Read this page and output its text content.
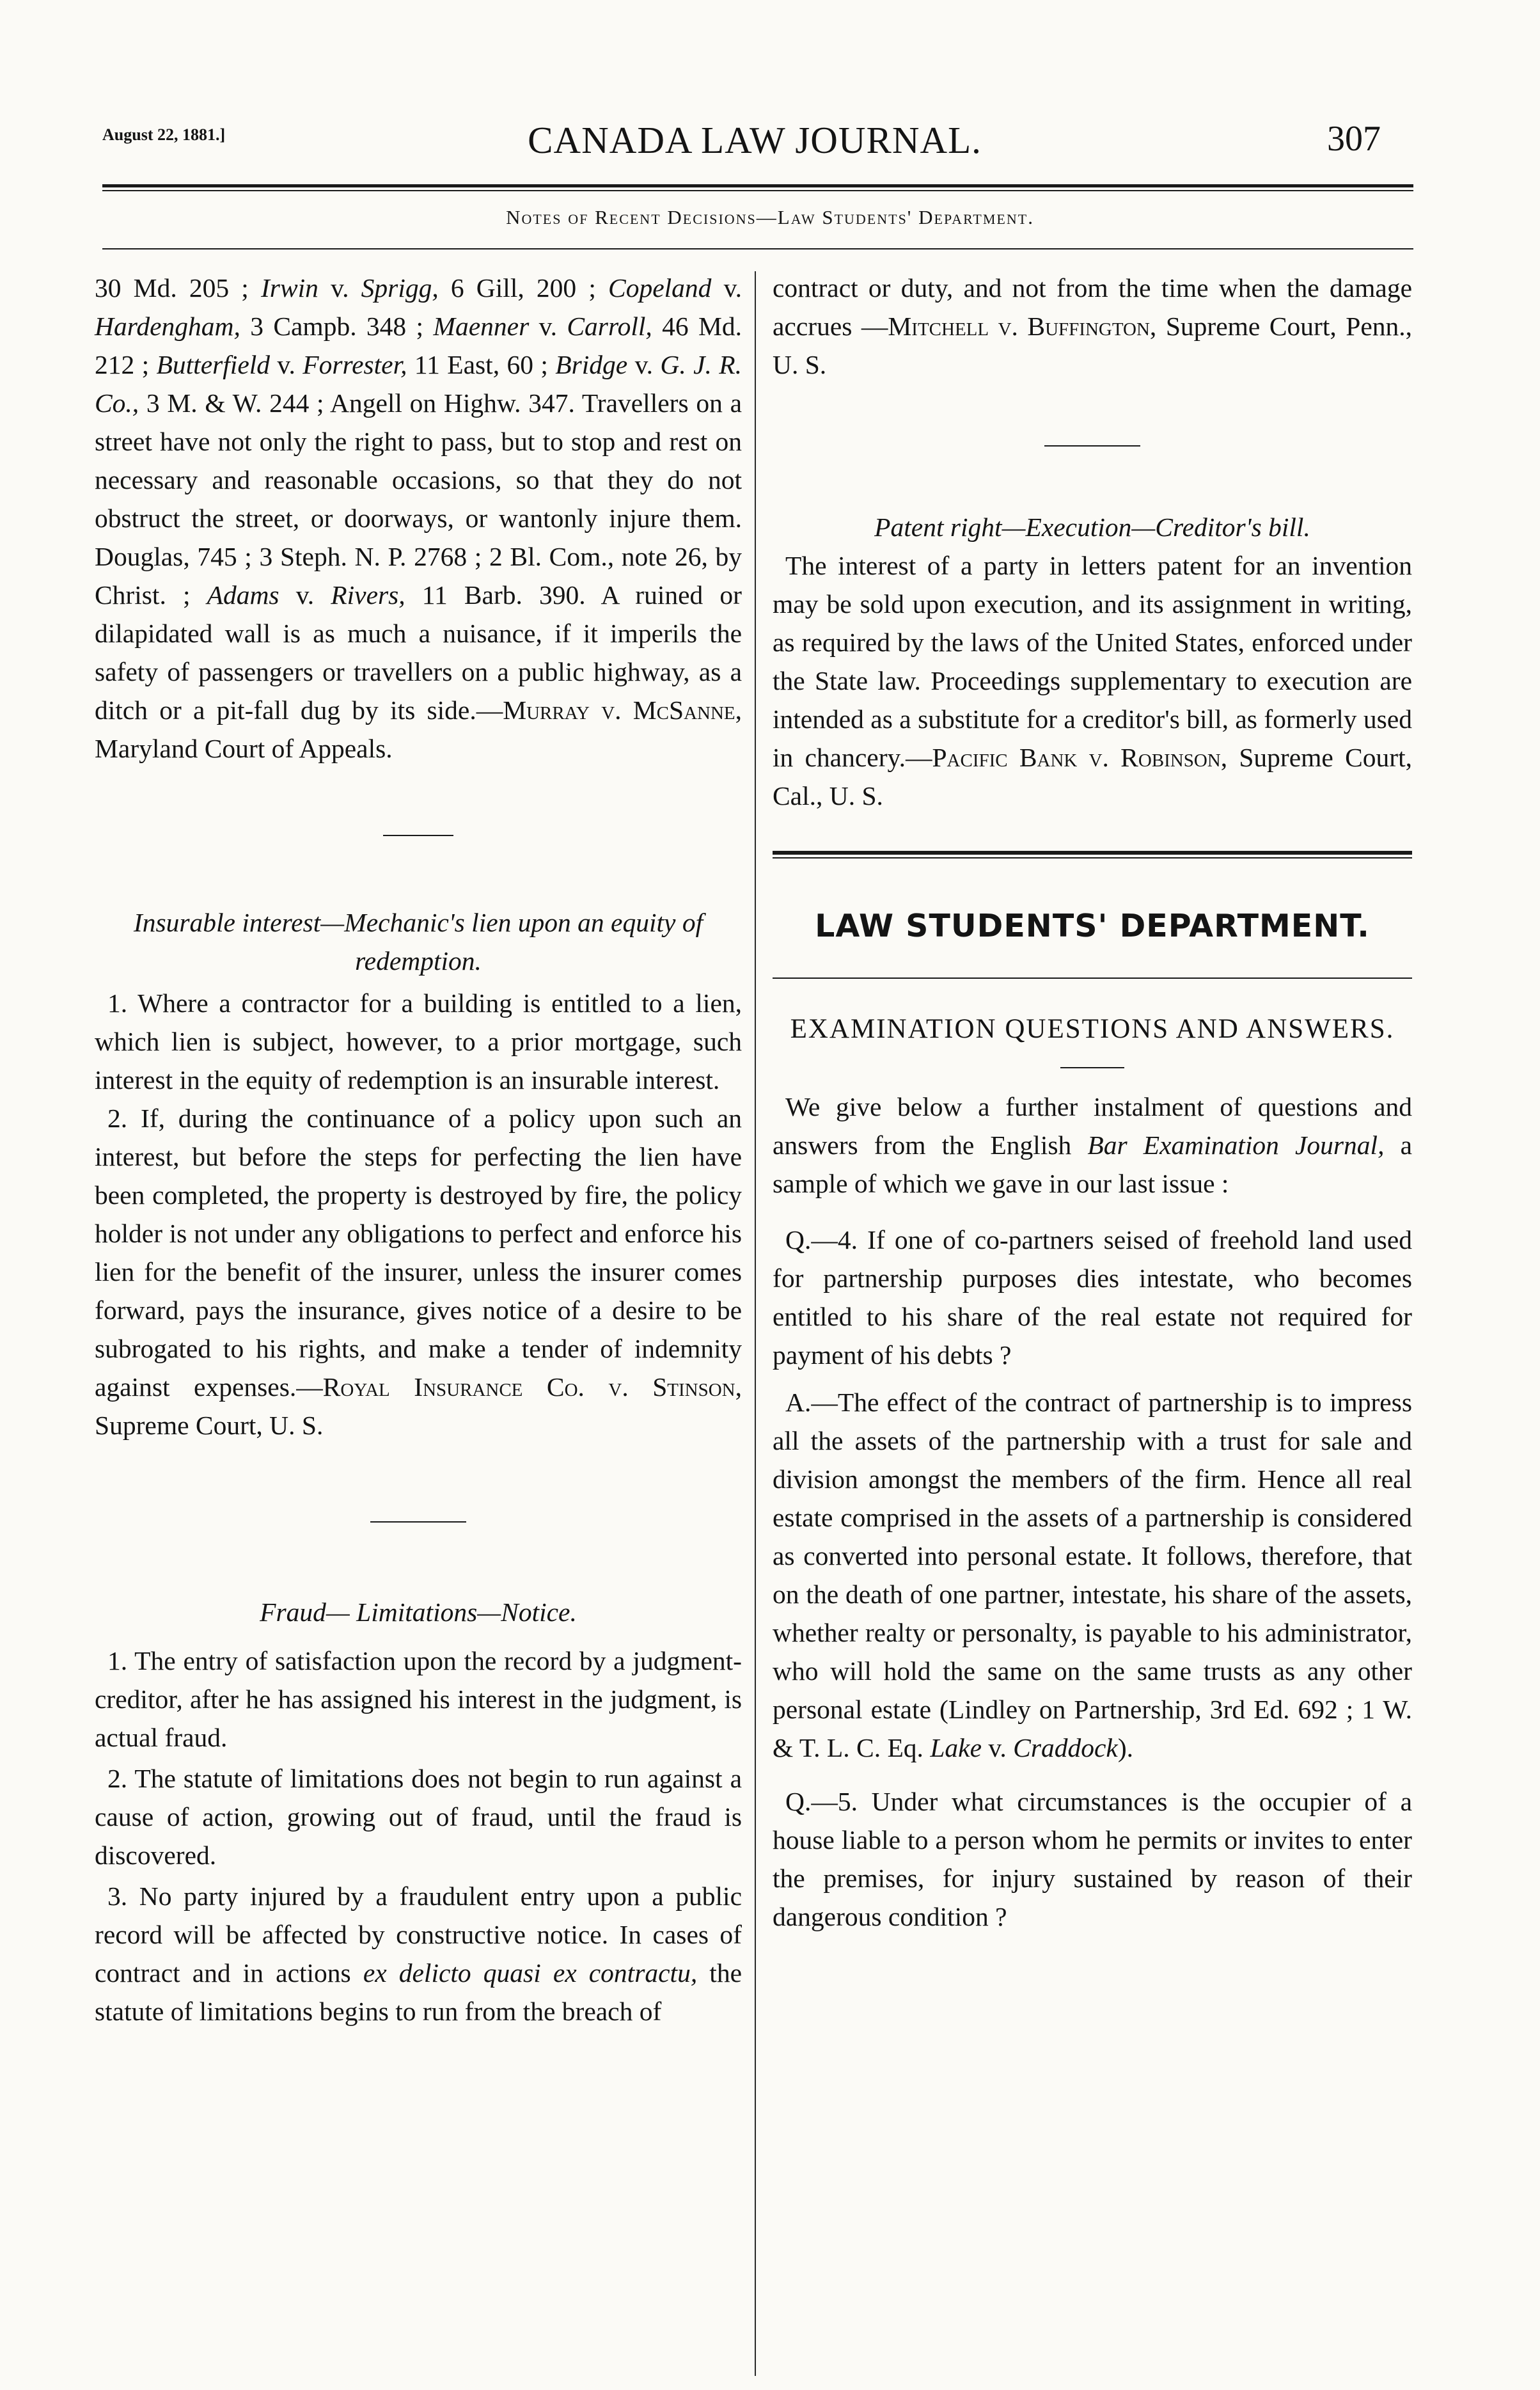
August 22, 1881.]	CANADA LAW JOURNAL.	307
Notes of Recent Decisions—Law Students' Department.

30 Md. 205 ; Irwin v. Sprigg, 6 Gill, 200 ; Copeland v. Hardengham, 3 Campb. 348 ; Maenner v. Carroll, 46 Md. 212 ; Butterfield v. Forrester, 11 East, 60 ; Bridge v. G. J. R. Co., 3 M. & W. 244 ; Angell on Highw. 347. Travellers on a street have not only the right to pass, but to stop and rest on necessary and reasonable occasions, so that they do not obstruct the street, or doorways, or wantonly injure them. Douglas, 745 ; 3 Steph. N. P. 2768 ; 2 Bl. Com., note 26, by Christ. ; Adams v. Rivers, 11 Barb. 390. A ruined or dilapidated wall is as much a nuisance, if it imperils the safety of passengers or travellers on a public highway, as a ditch or a pit-fall dug by its side.—Murray v. McSanne, Maryland Court of Appeals.

Insurable interest—Mechanic's lien upon an equity of redemption.

1. Where a contractor for a building is entitled to a lien, which lien is subject, however, to a prior mortgage, such interest in the equity of redemption is an insurable interest.

2. If, during the continuance of a policy upon such an interest, but before the steps for perfecting the lien have been completed, the property is destroyed by fire, the policy holder is not under any obligations to perfect and enforce his lien for the benefit of the insurer, unless the insurer comes forward, pays the insurance, gives notice of a desire to be subrogated to his rights, and make a tender of indemnity against expenses.—Royal Insurance Co. v. Stinson, Supreme Court, U. S.

Fraud— Limitations—Notice.

1. The entry of satisfaction upon the record by a judgment-creditor, after he has assigned his interest in the judgment, is actual fraud.

2. The statute of limitations does not begin to run against a cause of action, growing out of fraud, until the fraud is discovered.

3. No party injured by a fraudulent entry upon a public record will be affected by constructive notice. In cases of contract and in actions ex delicto quasi ex contractu, the statute of limitations begins to run from the breach of

contract or duty, and not from the time when the damage accrues —Mitchell v. Buffington, Supreme Court, Penn., U. S.

Patent right—Execution—Creditor's bill.

The interest of a party in letters patent for an invention may be sold upon execution, and its assignment in writing, as required by the laws of the United States, enforced under the State law. Proceedings supplementary to execution are intended as a substitute for a creditor's bill, as formerly used in chancery.—Pacific Bank v. Robinson, Supreme Court, Cal., U. S.

LAW STUDENTS' DEPARTMENT.

EXAMINATION QUESTIONS AND ANSWERS.

We give below a further instalment of questions and answers from the English Bar Examination Journal, a sample of which we gave in our last issue :

Q.—4. If one of co-partners seised of freehold land used for partnership purposes dies intestate, who becomes entitled to his share of the real estate not required for payment of his debts ?

A.—The effect of the contract of partnership is to impress all the assets of the partnership with a trust for sale and division amongst the members of the firm. Hence all real estate comprised in the assets of a partnership is considered as converted into personal estate. It follows, therefore, that on the death of one partner, intestate, his share of the assets, whether realty or personalty, is payable to his administrator, who will hold the same on the same trusts as any other personal estate (Lindley on Partnership, 3rd Ed. 692 ; 1 W. & T. L. C. Eq. Lake v. Craddock).

Q.—5. Under what circumstances is the occupier of a house liable to a person whom he permits or invites to enter the premises, for injury sustained by reason of their dangerous condition ?
